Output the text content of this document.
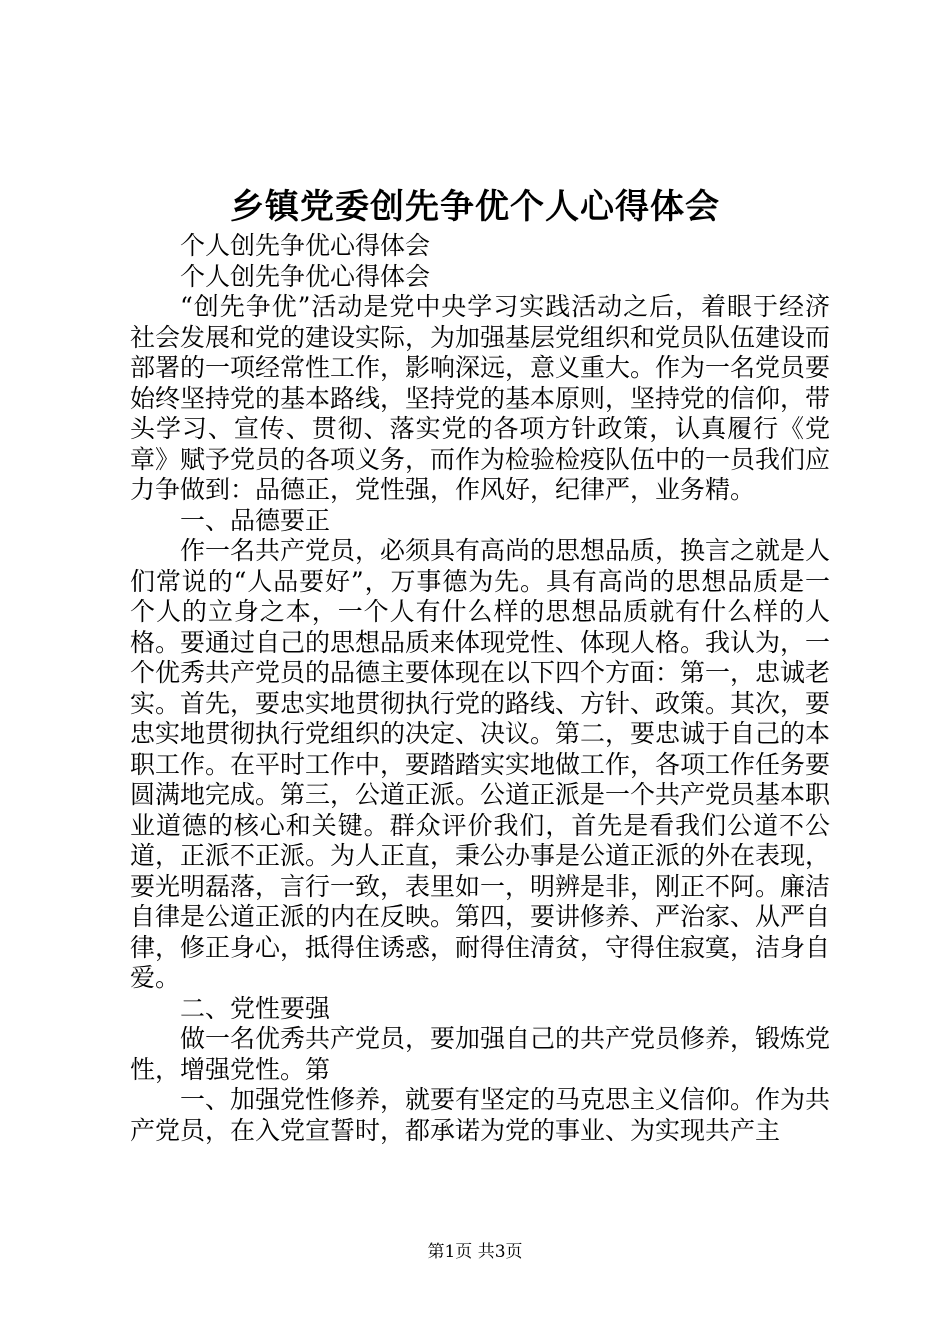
乡镇党委创先争优个人心得体会

个人创先争优心得体会

个人创先争优心得体会

“创先争优”活动是党中央学习实践活动之后，着眼于经济社会发展和党的建设实际，为加强基层党组织和党员队伍建设而部署的一项经常性工作，影响深远，意义重大。作为一名党员要始终坚持党的基本路线，坚持党的基本原则，坚持党的信仰，带头学习、宣传、贯彻、落实党的各项方针政策，认真履行《党章》赋予党员的各项义务，而作为检验检疫队伍中的一员我们应力争做到：品德正，党性强，作风好，纪律严，业务精。

一、品德要正

作一名共产党员，必须具有高尚的思想品质，换言之就是人们常说的“人品要好”，万事德为先。具有高尚的思想品质是一个人的立身之本，一个人有什么样的思想品质就有什么样的人格。要通过自己的思想品质来体现党性、体现人格。我认为，一个优秀共产党员的品德主要体现在以下四个方面：第一，忠诚老实。首先，要忠实地贯彻执行党的路线、方针、政策。其次，要忠实地贯彻执行党组织的决定、决议。第二，要忠诚于自己的本职工作。在平时工作中，要踏踏实实地做工作，各项工作任务要圆满地完成。第三，公道正派。公道正派是一个共产党员基本职业道德的核心和关键。群众评价我们，首先是看我们公道不公道，正派不正派。为人正直，秉公办事是公道正派的外在表现，要光明磊落，言行一致，表里如一，明辨是非，刚正不阿。廉洁自律是公道正派的内在反映。第四，要讲修养、严治家、从严自律，修正身心，抵得住诱惑，耐得住清贫，守得住寂寞，洁身自爱。

二、党性要强

做一名优秀共产党员，要加强自己的共产党员修养，锻炼党性，增强党性。第

一、加强党性修养，就要有坚定的马克思主义信仰。作为共产党员，在入党宣誓时，都承诺为党的事业、为实现共产主

第1页 共3页
